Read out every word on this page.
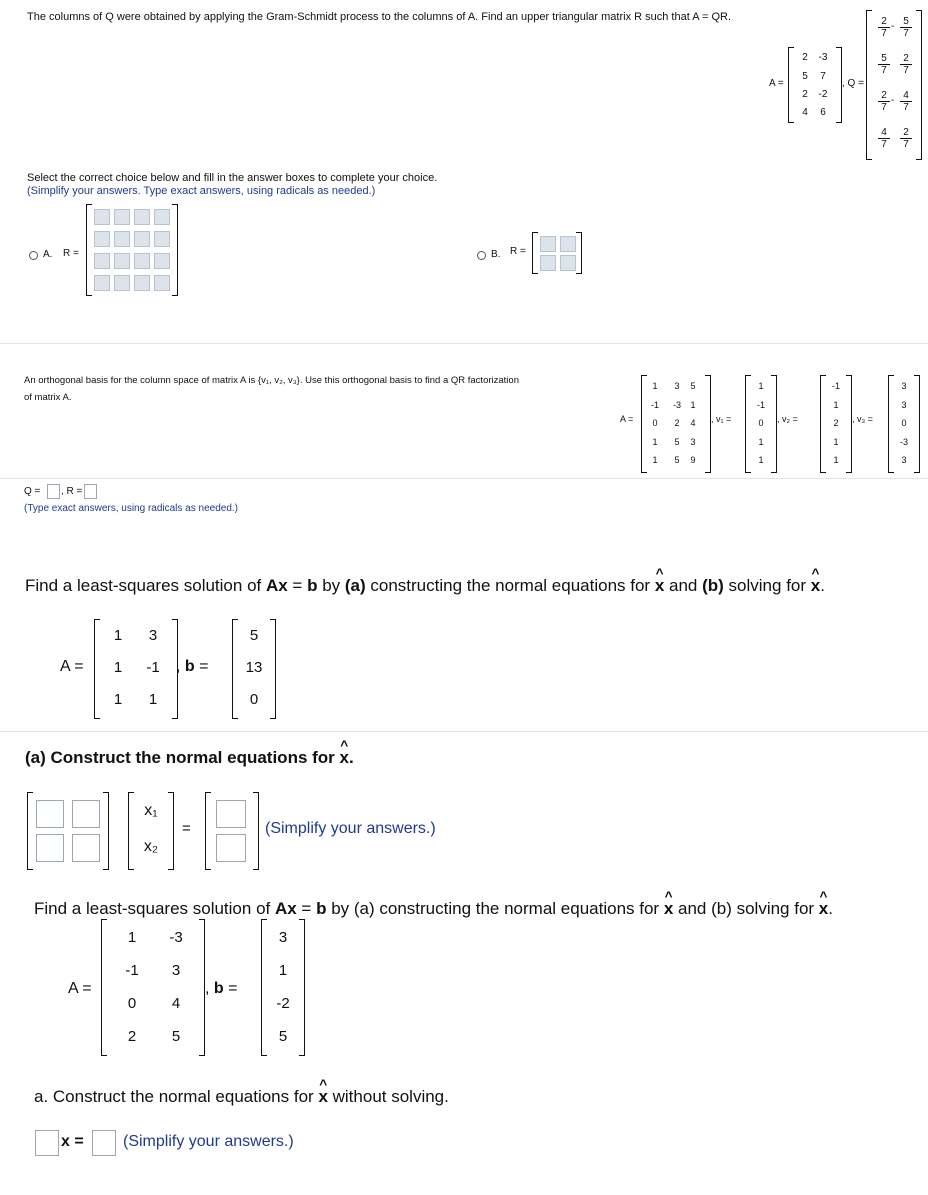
The columns of Q were obtained by applying the Gram-Schmidt process to the columns of A. Find an upper triangular matrix R such that A = QR.
A =
2	-3
5	7
2	-2
4	6
, Q =
$\frac{2}{7} - \frac{5}{7}$
$\frac{5}{7} \frac{2}{7}$
$\frac{2}{7} - \frac{4}{7}$
$\frac{4}{7} \frac{2}{7}$
Select the correct choice below and fill in the answer boxes to complete your choice.
(Simplify your answers. Type exact answers, using radicals as needed.)
A. R =	B. R =
An orthogonal basis for the column space of matrix A is {v₁, v₂, v₃}. Use this orthogonal basis to find a QR factorization
of matrix A.
A =
1	3	5
-1	-3	1
0	2	4
1	5	3
1	5	9
, v₁ =
1
-1
0
1
1
, v₂ =
-1
1
2
1
1
, v₃ =
3
3
0
-3
3
Q = , R =
(Type exact answers, using radicals as needed.)
Find a least-squares solution of Ax = b by (a) constructing the normal equations for ^ x and (b) solving for ^ x.
A =
1	3
1	-1
1	1
, b =
5
13
0
(a) Construct the normal equations for ^ x.
x₁
x₂
=	(Simplify your answers.)
Find a least-squares solution of Ax = b by (a) constructing the normal equations for ^ x and (b) solving for ^ x.
A =
1	-3
-1	3
0	4
2	5
, b =
3
1
-2
5
a. Construct the normal equations for ^ x without solving.
x = (Simplify your answers.)
